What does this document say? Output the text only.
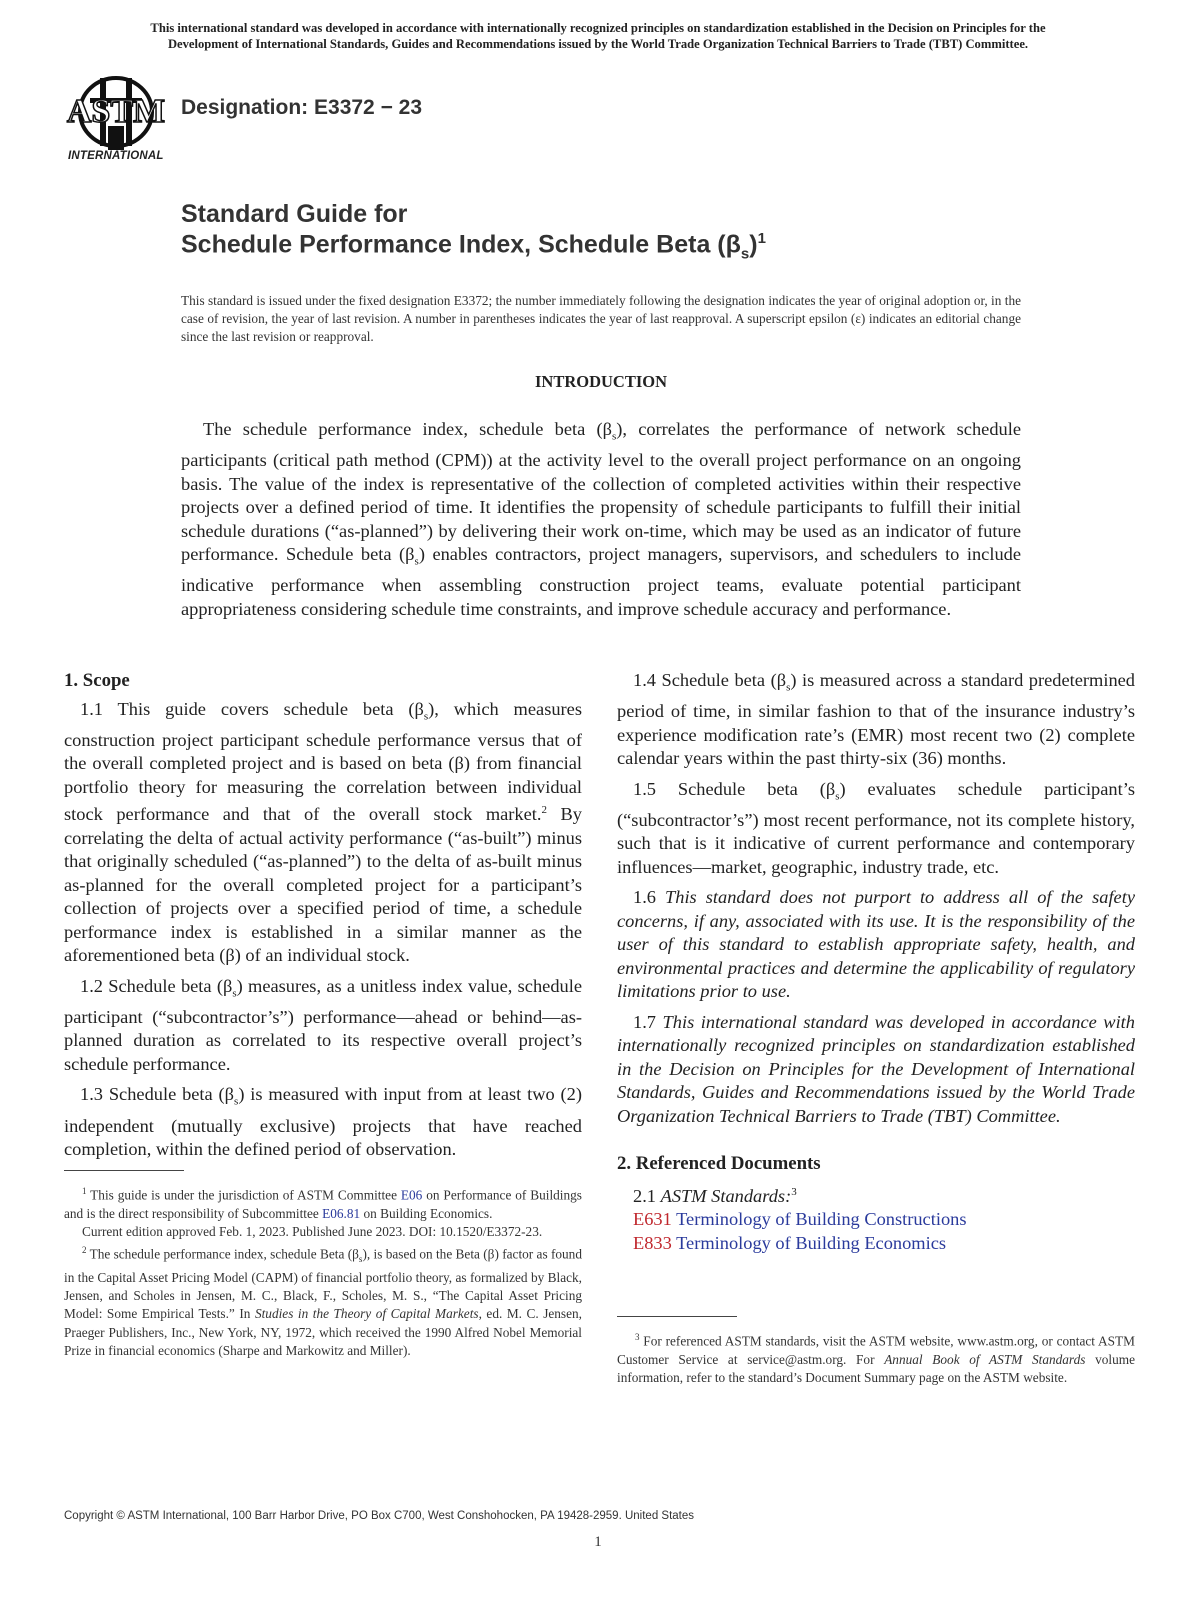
This international standard was developed in accordance with internationally recognized principles on standardization established in the Decision on Principles for the
Development of International Standards, Guides and Recommendations issued by the World Trade Organization Technical Barriers to Trade (TBT) Committee.
ASTM
INTERNATIONAL
Designation: E3372 − 23
Standard Guide for
Schedule Performance Index, Schedule Beta $(\beta_s)^1$
This standard is issued under the fixed designation E3372; the number immediately following the designation indicates the year of original adoption or, in the case of revision, the year of last revision. A number in parentheses indicates the year of last reapproval. A superscript epsilon (ε) indicates an editorial change since the last revision or reapproval.
INTRODUCTION

The schedule performance index, schedule beta $(\beta_s)$, correlates the performance of network schedule participants (critical path method (CPM)) at the activity level to the overall project performance on an ongoing basis. The value of the index is representative of the collection of completed activities within their respective projects over a defined period of time. It identifies the propensity of schedule participants to fulfill their initial schedule durations (“as-planned”) by delivering their work on-time, which may be used as an indicator of future performance. Schedule beta $(\beta_s)$ enables contractors, project managers, supervisors, and schedulers to include indicative performance when assembling construction project teams, evaluate potential participant appropriateness considering schedule time constraints, and improve schedule accuracy and performance.

1. Scope

1.1 This guide covers schedule beta $(\beta_s)$, which measures construction project participant schedule performance versus that of the overall completed project and is based on beta (β) from financial portfolio theory for measuring the correlation between individual stock performance and that of the overall stock market.$^2$ By correlating the delta of actual activity performance (“as-built”) minus that originally scheduled (“as-planned”) to the delta of as-built minus as-planned for the overall completed project for a participant’s collection of projects over a specified period of time, a schedule performance index is established in a similar manner as the aforementioned beta (β) of an individual stock.

1.2 Schedule beta $(\beta_s)$ measures, as a unitless index value, schedule participant (“subcontractor’s”) performance—ahead or behind—as-planned duration as correlated to its respective overall project’s schedule performance.

1.3 Schedule beta $(\beta_s)$ is measured with input from at least two (2) independent (mutually exclusive) projects that have reached completion, within the defined period of observation.

1.4 Schedule beta $(\beta_s)$ is measured across a standard predetermined period of time, in similar fashion to that of the insurance industry’s experience modification rate’s (EMR) most recent two (2) complete calendar years within the past thirty-six (36) months.

1.5 Schedule beta $(\beta_s)$ evaluates schedule participant’s (“subcontractor’s”) most recent performance, not its complete history, such that is it indicative of current performance and contemporary influences—market, geographic, industry trade, etc.

1.6 This standard does not purport to address all of the safety concerns, if any, associated with its use. It is the responsibility of the user of this standard to establish appropriate safety, health, and environmental practices and determine the applicability of regulatory limitations prior to use.

1.7 This international standard was developed in accordance with internationally recognized principles on standardization established in the Decision on Principles for the Development of International Standards, Guides and Recommendations issued by the World Trade Organization Technical Barriers to Trade (TBT) Committee.

2. Referenced Documents

2.1 ASTM Standards:$^3$

E631 Terminology of Building Constructions
E833 Terminology of Building Economics

$^1$ This guide is under the jurisdiction of ASTM Committee E06 on Performance of Buildings and is the direct responsibility of Subcommittee E06.81 on Building Economics.

Current edition approved Feb. 1, 2023. Published June 2023. DOI: 10.1520/E3372-23.

$^2$ The schedule performance index, schedule Beta $(\beta_s)$, is based on the Beta (β) factor as found in the Capital Asset Pricing Model (CAPM) of financial portfolio theory, as formalized by Black, Jensen, and Scholes in Jensen, M. C., Black, F., Scholes, M. S., “The Capital Asset Pricing Model: Some Empirical Tests.” In Studies in the Theory of Capital Markets, ed. M. C. Jensen, Praeger Publishers, Inc., New York, NY, 1972, which received the 1990 Alfred Nobel Memorial Prize in financial economics (Sharpe and Markowitz and Miller).

$^3$ For referenced ASTM standards, visit the ASTM website, www.astm.org, or contact ASTM Customer Service at service@astm.org. For Annual Book of ASTM Standards volume information, refer to the standard’s Document Summary page on the ASTM website.

Copyright © ASTM International, 100 Barr Harbor Drive, PO Box C700, West Conshohocken, PA 19428-2959. United States
1
